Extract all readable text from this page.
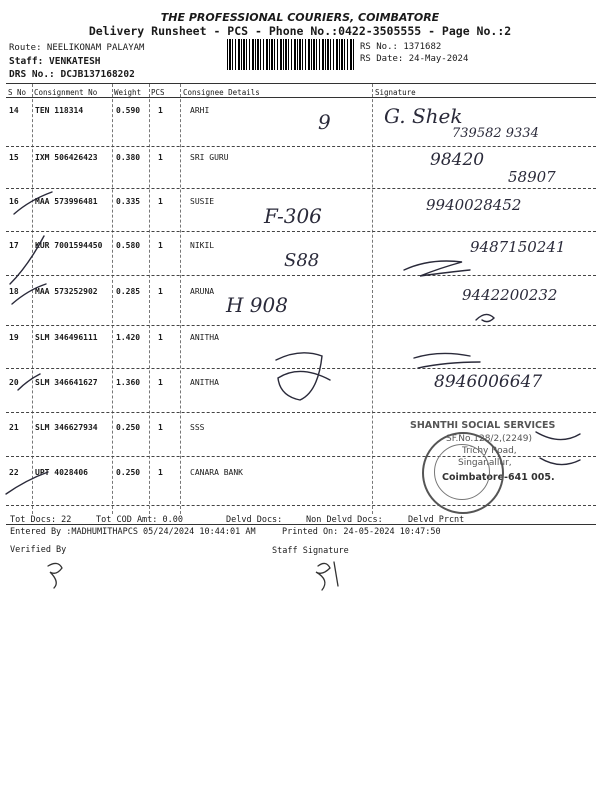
THE PROFESSIONAL COURIERS, COIMBATORE
Delivery Runsheet - PCS - Phone No.:0422-3505555 - Page No.:2
Route: NEELIKONAM PALAYAM
Staff: VENKATESH
DRS No.: DCJB137168202
RS No.: 1371682
RS Date: 24-May-2024
S No Consignment No Weight PCS Consignee Details	Signature
14 TEN 118314	0.590 1	ARHI	9	G. Shek
739582 9334
15 IXM 506426423 0.380 1	SRI GURU	98420
58907
16 MAA 573996481 0.335 1	SUSIE
F-306	9940028452
17 KUR 7001594450 0.580 1	NIKIL
S88
9487150241
18 MAA 573252902 0.285 1	ARUNA
H 908	9442200232
19 SLM 346496111 1.420 1	ANITHA
20 SLM 346641627 1.360 1	ANITHA	8946006647
21 SLM 346627934 0.250 1	SSS
22 UPT 4028406	0.250 1	CANARA BANK
SHANTHI SOCIAL SERVICES
SF.No.128/2,(2249)
Trichy Road,
Singanallur,
Coimbatore-641 005.
Tot Docs: 22	Tot COD Amt: 0.00	Delvd Docs:	Non Delvd Docs:	Delvd Prcnt
Entered By :MADHUMITHAPCS 05/24/2024 10:44:01 AM	Printed On: 24-05-2024 10:47:50
Verified By	Staff Signature
